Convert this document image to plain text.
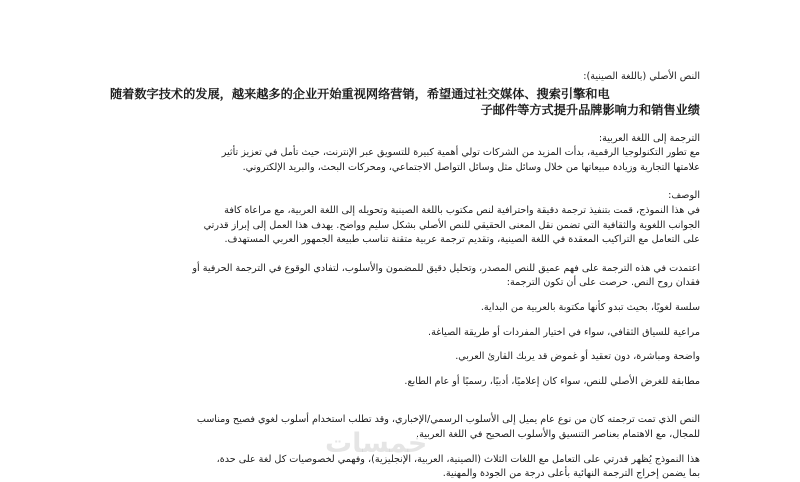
النص الأصلي (باللغة الصينية):

随着数字技术的发展，越来越多的企业开始重视网络营销，希望通过社交媒体、搜索引擎和电
子邮件等方式提升品牌影响力和销售业绩

الترجمة إلى اللغة العربية:

مع تطور التكنولوجيا الرقمية، بدأت المزيد من الشركات تولي أهمية كبيرة للتسويق عبر الإنترنت، حيث تأمل في تعزيز تأثير

علامتها التجارية وزيادة مبيعاتها من خلال وسائل مثل وسائل التواصل الاجتماعي، ومحركات البحث، والبريد الإلكتروني.

الوصف:

في هذا النموذج، قمت بتنفيذ ترجمة دقيقة واحترافية لنص مكتوب باللغة الصينية وتحويله إلى اللغة العربية، مع مراعاة كافة

الجوانب اللغوية والثقافية التي تضمن نقل المعنى الحقيقي للنص الأصلي بشكل سليم وواضح. يهدف هذا العمل إلى إبراز قدرتي

على التعامل مع التراكيب المعقدة في اللغة الصينية، وتقديم ترجمة عربية متقنة تناسب طبيعة الجمهور العربي المستهدف.

اعتمدت في هذه الترجمة على فهم عميق للنص المصدر، وتحليل دقيق للمضمون والأسلوب، لتفادي الوقوع في الترجمة الحرفية أو

فقدان روح النص. حرصت على أن تكون الترجمة:

سلسة لغويًا، بحيث تبدو كأنها مكتوبة بالعربية من البداية.

مراعية للسياق الثقافي، سواء في اختيار المفردات أو طريقة الصياغة.

واضحة ومباشرة، دون تعقيد أو غموض قد يربك القارئ العربي.

مطابقة للغرض الأصلي للنص، سواء كان إعلاميًا، أدبيًا، رسميًا أو عام الطابع.

النص الذي تمت ترجمته كان من نوع عام يميل إلى الأسلوب الرسمي/الإخباري، وقد تطلب استخدام أسلوب لغوي فصيح ومناسب

للمجال، مع الاهتمام بعناصر التنسيق والأسلوب الصحيح في اللغة العربية.

هذا النموذج يُظهر قدرتي على التعامل مع اللغات الثلاث (الصينية، العربية، الإنجليزية)، وفهمي لخصوصيات كل لغة على حدة،

بما يضمن إخراج الترجمة النهائية بأعلى درجة من الجودة والمهنية.

خمسات
